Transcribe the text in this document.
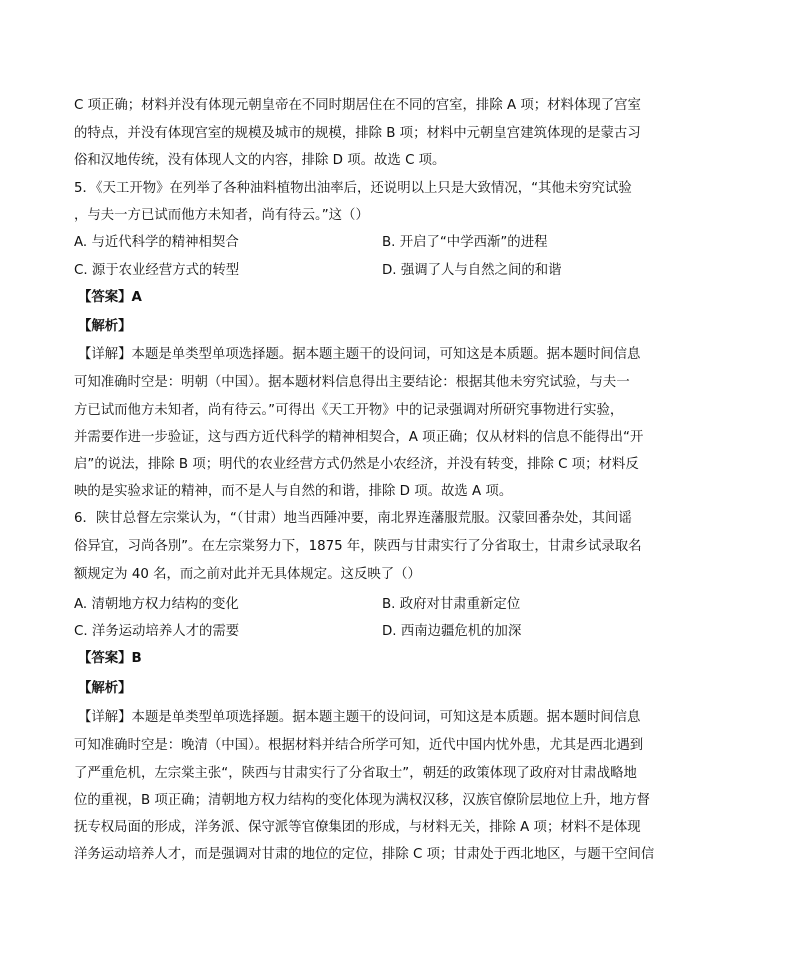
C 项正确；材料并没有体现元朝皇帝在不同时期居住在不同的宫室，排除 A 项；材料体现了宫室
的特点，并没有体现宫室的规模及城市的规模，排除 B 项；材料中元朝皇宫建筑体现的是蒙古习
俗和汉地传统，没有体现人文的内容，排除 D 项。故选 C 项。
5．《天工开物》在列举了各种油料植物出油率后，还说明以上只是大致情况，“其他未穷究试验
，与夫一方已试而他方未知者，尚有待云。”这（）
A. 与近代科学的精神相契合	B. 开启了“中学西渐”的进程
C. 源于农业经营方式的转型	D. 强调了人与自然之间的和谐
【答案】A
【解析】
【详解】本题是单类型单项选择题。据本题主题干的设问词，可知这是本质题。据本题时间信息
可知准确时空是：明朝（中国）。据本题材料信息得出主要结论：根据其他未穷究试验，与夫一
方已试而他方未知者，尚有待云。”可得出《天工开物》中的记录强调对所研究事物进行实验，
并需要作进一步验证，这与西方近代科学的精神相契合，A 项正确；仅从材料的信息不能得出“开
启”的说法，排除 B 项；明代的农业经营方式仍然是小农经济，并没有转变，排除 C 项；材料反
映的是实验求证的精神，而不是人与自然的和谐，排除 D 项。故选 A 项。
6．陕甘总督左宗棠认为，“（甘肃）地当西陲冲要，南北界连藩服荒服。汉蒙回番杂处，其间谣
俗异宜，习尚各別”。在左宗棠努力下，1875 年，陕西与甘肃实行了分省取士，甘肃乡试录取名
额规定为 40 名，而之前对此并无具体规定。这反映了（）
A. 清朝地方权力结构的变化	B. 政府对甘肃重新定位
C. 洋务运动培养人才的需要	D. 西南边疆危机的加深
【答案】B
【解析】
【详解】本题是单类型单项选择题。据本题主题干的设问词，可知这是本质题。据本题时间信息
可知准确时空是：晚清（中国）。根据材料并结合所学可知，近代中国内忧外患，尤其是西北遇到
了严重危机，左宗棠主张“，陕西与甘肃实行了分省取士”，朝廷的政策体现了政府对甘肃战略地
位的重视，B 项正确；清朝地方权力结构的变化体现为满权汉移，汉族官僚阶层地位上升，地方督
抚专权局面的形成，洋务派、保守派等官僚集团的形成，与材料无关，排除 A 项；材料不是体现
洋务运动培养人才，而是强调对甘肃的地位的定位，排除 C 项；甘肃处于西北地区，与题干空间信
